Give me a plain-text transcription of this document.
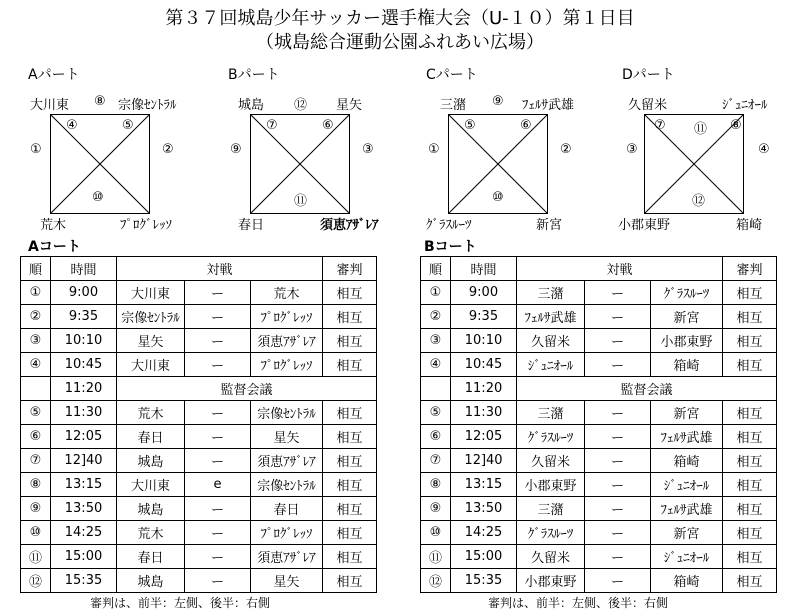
第３７回城島少年サッカー選手権大会（U-１０）第１日目
（城島総合運動公園ふれあい広場）
Aパート
大川東 ⑧ 宗像ｾﾝﾄﾗﾙ
④	⑤
①	②
⑩
荒木	ﾌﾟﾛｸﾞﾚｯｿ
Bパート
城島 ⑫ 星矢
⑦	⑥
⑨	③
⑪
春日	須恵ｱｻﾞﾚｱ
Cパート
三潴 ⑨ ﾌｪﾙｻ武雄
⑤	⑥
①	②
⑩
ｸﾞﾗｽﾙｰﾂ	新宮
Dパート
久留米	ｼﾞｭﾆｵｰﾙ
⑦ ⑪ ⑧
③	④
⑫
小郡東野	箱崎
Aコート
順	時間	対戦			審判
①	9:00	大川東	ー	荒木	相互
②	9:35	宗像ｾﾝﾄﾗﾙ	ー	ﾌﾟﾛｸﾞﾚｯｿ	相互
③	10:10	星矢	ー	須恵ｱｻﾞﾚｱ	相互
④	10:45	大川東	ー	ﾌﾟﾛｸﾞﾚｯｿ	相互
	11:20	監督会議			
⑤	11:30	荒木	ー	宗像ｾﾝﾄﾗﾙ	相互
⑥	12:05	春日	ー	星矢	相互
⑦	12]40	城島	ー	須恵ｱｻﾞﾚｱ	相互
⑧	13:15	大川東	e	宗像ｾﾝﾄﾗﾙ	相互
⑨	13:50	城島	ー	春日	相互
⑩	14:25	荒木	ー	ﾌﾟﾛｸﾞﾚｯｿ	相互
⑪	15:00	春日	ー	須恵ｱｻﾞﾚｱ	相互
⑫	15:35	城島	ー	星矢	相互
審判は、前半：左側、後半：右側
Bコート
順	時間	対戦			審判
①	9:00	三潴	ー	ｸﾞﾗｽﾙｰﾂ	相互
②	9:35	ﾌｪﾙｻ武雄	ー	新宮	相互
③	10:10	久留米	ー	小郡東野	相互
④	10:45	ｼﾞｭﾆｵｰﾙ	ー	箱崎	相互
	11:20	監督会議			
⑤	11:30	三潴	ー	新宮	相互
⑥	12:05	ｸﾞﾗｽﾙｰﾂ	ー	ﾌｪﾙｻ武雄	相互
⑦	12]40	久留米	ー	箱崎	相互
⑧	13:15	小郡東野	ー	ｼﾞｭﾆｵｰﾙ	相互
⑨	13:50	三潴	ー	ﾌｪﾙｻ武雄	相互
⑩	14:25	ｸﾞﾗｽﾙｰﾂ	ー	新宮	相互
⑪	15:00	久留米	ー	ｼﾞｭﾆｵｰﾙ	相互
⑫	15:35	小郡東野	ー	箱崎	相互
審判は、前半：左側、後半：右側
